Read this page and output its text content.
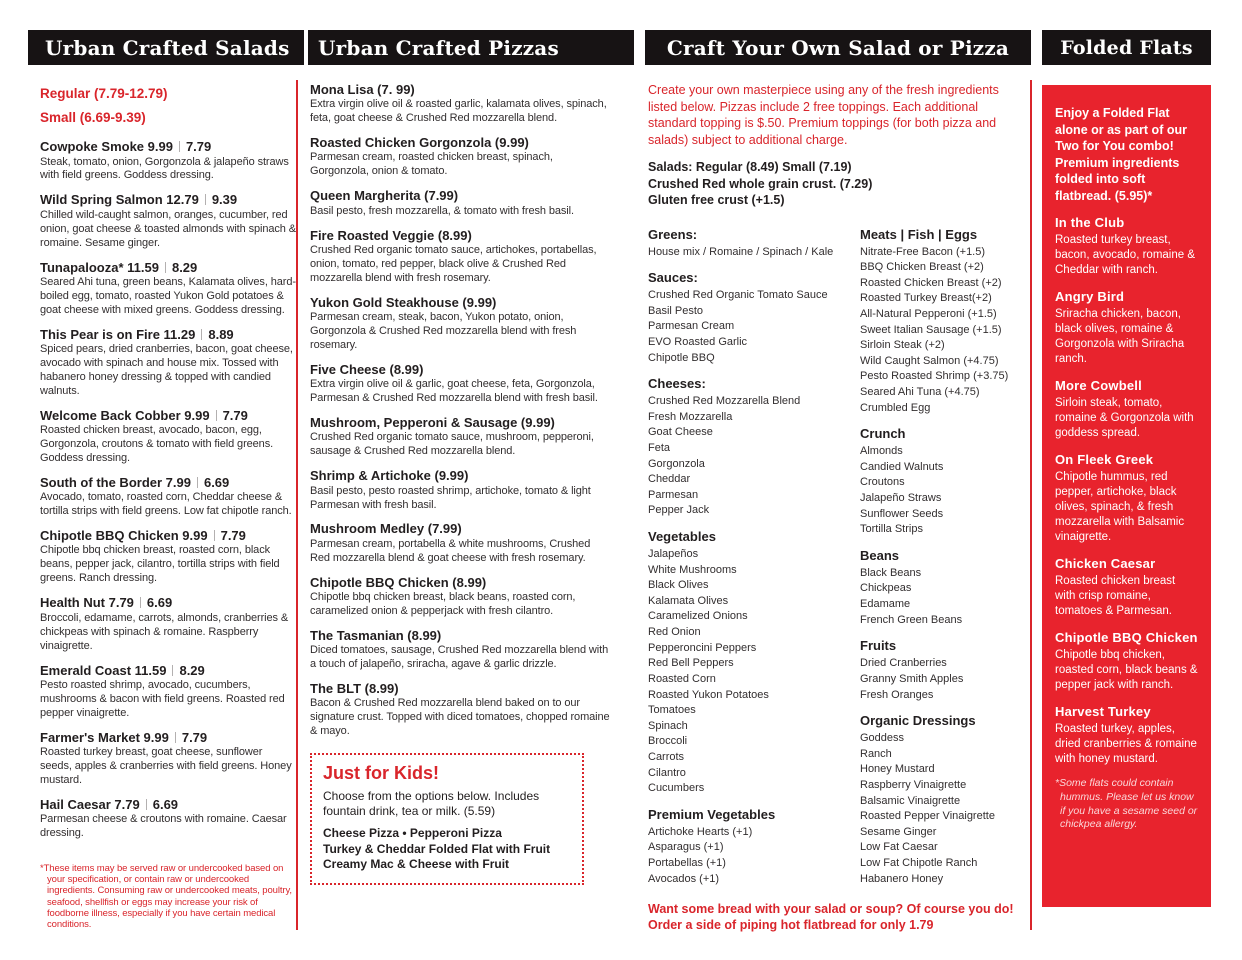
Urban Crafted Salads	Urban Crafted Pizzas	Craft Your Own Salad or Pizza	Folded Flats
Regular (7.79-12.79)
Small (6.69-9.39)
Cowpoke Smoke 9.99 7.79
Steak, tomato, onion, Gorgonzola & jalapeño straws with field greens. Goddess dressing.
Wild Spring Salmon 12.79 9.39
Chilled wild-caught salmon, oranges, cucumber, red onion, goat cheese & toasted almonds with spinach & romaine. Sesame ginger.
Tunapalooza* 11.59 8.29
Seared Ahi tuna, green beans, Kalamata olives, hard-boiled egg, tomato, roasted Yukon Gold potatoes & goat cheese with mixed greens. Goddess dressing.
This Pear is on Fire 11.29 8.89
Spiced pears, dried cranberries, bacon, goat cheese, avocado with spinach and house mix. Tossed with habanero honey dressing & topped with candied walnuts.
Welcome Back Cobber 9.99 7.79
Roasted chicken breast, avocado, bacon, egg, Gorgonzola, croutons & tomato with field greens. Goddess dressing.
South of the Border 7.99 6.69
Avocado, tomato, roasted corn, Cheddar cheese & tortilla strips with field greens. Low fat chipotle ranch.
Chipotle BBQ Chicken 9.99 7.79
Chipotle bbq chicken breast, roasted corn, black beans, pepper jack, cilantro, tortilla strips with field greens. Ranch dressing.
Health Nut 7.79 6.69
Broccoli, edamame, carrots, almonds, cranberries & chickpeas with spinach & romaine. Raspberry vinaigrette.
Emerald Coast 11.59 8.29
Pesto roasted shrimp, avocado, cucumbers, mushrooms & bacon with field greens. Roasted red pepper vinaigrette.
Farmer's Market 9.99 7.79
Roasted turkey breast, goat cheese, sunflower seeds, apples & cranberries with field greens. Honey mustard.
Hail Caesar 7.79 6.69
Parmesan cheese & croutons with romaine. Caesar dressing.
*These items may be served raw or undercooked based on your specification, or contain raw or undercooked ingredients. Consuming raw or undercooked meats, poultry, seafood, shellfish or eggs may increase your risk of foodborne illness, especially if you have certain medical conditions.
Mona Lisa (7. 99)
Extra virgin olive oil & roasted garlic, kalamata olives, spinach, feta, goat cheese & Crushed Red mozzarella blend.
Roasted Chicken Gorgonzola (9.99)
Parmesan cream, roasted chicken breast, spinach, Gorgonzola, onion & tomato.
Queen Margherita (7.99)
Basil pesto, fresh mozzarella, & tomato with fresh basil.
Fire Roasted Veggie (8.99)
Crushed Red organic tomato sauce, artichokes, portabellas, onion, tomato, red pepper, black olive & Crushed Red mozzarella blend with fresh rosemary.
Yukon Gold Steakhouse (9.99)
Parmesan cream, steak, bacon, Yukon potato, onion, Gorgonzola & Crushed Red mozzarella blend with fresh rosemary.
Five Cheese (8.99)
Extra virgin olive oil & garlic, goat cheese, feta, Gorgonzola, Parmesan & Crushed Red mozzarella blend with fresh basil.
Mushroom, Pepperoni & Sausage (9.99)
Crushed Red organic tomato sauce, mushroom, pepperoni, sausage & Crushed Red mozzarella blend.
Shrimp & Artichoke (9.99)
Basil pesto, pesto roasted shrimp, artichoke, tomato & light Parmesan with fresh basil.
Mushroom Medley (7.99)
Parmesan cream, portabella & white mushrooms, Crushed Red mozzarella blend & goat cheese with fresh rosemary.
Chipotle BBQ Chicken (8.99)
Chipotle bbq chicken breast, black beans, roasted corn, caramelized onion & pepperjack with fresh cilantro.
The Tasmanian (8.99)
Diced tomatoes, sausage, Crushed Red mozzarella blend with a touch of jalapeño, sriracha, agave & garlic drizzle.
The BLT (8.99)
Bacon & Crushed Red mozzarella blend baked on to our signature crust. Topped with diced tomatoes, chopped romaine & mayo.
Just for Kids!
Choose from the options below. Includes fountain drink, tea or milk. (5.59)
Cheese Pizza • Pepperoni Pizza
Turkey & Cheddar Folded Flat with Fruit
Creamy Mac & Cheese with Fruit
Create your own masterpiece using any of the fresh ingredients listed below. Pizzas include 2 free toppings. Each additional standard topping is $.50. Premium toppings (for both pizza and salads) subject to additional charge.
Salads: Regular (8.49) Small (7.19)
Crushed Red whole grain crust. (7.29)
Gluten free crust (+1.5)
Greens:
House mix / Romaine / Spinach / Kale
Sauces:
Crushed Red Organic Tomato Sauce
Basil Pesto
Parmesan Cream
EVO Roasted Garlic
Chipotle BBQ
Cheeses:
Crushed Red Mozzarella Blend
Fresh Mozzarella
Goat Cheese
Feta
Gorgonzola
Cheddar
Parmesan
Pepper Jack
Vegetables
Jalapeños
White Mushrooms
Black Olives
Kalamata Olives
Caramelized Onions
Red Onion
Pepperoncini Peppers
Red Bell Peppers
Roasted Corn
Roasted Yukon Potatoes
Tomatoes
Spinach
Broccoli
Carrots
Cilantro
Cucumbers
Premium Vegetables
Artichoke Hearts (+1)
Asparagus (+1)
Portabellas (+1)
Avocados (+1)
Meats | Fish | Eggs
Nitrate-Free Bacon (+1.5)
BBQ Chicken Breast (+2)
Roasted Chicken Breast (+2)
Roasted Turkey Breast(+2)
All-Natural Pepperoni (+1.5)
Sweet Italian Sausage (+1.5)
Sirloin Steak (+2)
Wild Caught Salmon (+4.75)
Pesto Roasted Shrimp (+3.75)
Seared Ahi Tuna (+4.75)
Crumbled Egg
Crunch
Almonds
Candied Walnuts
Croutons
Jalapeño Straws
Sunflower Seeds
Tortilla Strips
Beans
Black Beans
Chickpeas
Edamame
French Green Beans
Fruits
Dried Cranberries
Granny Smith Apples
Fresh Oranges
Organic Dressings
Goddess
Ranch
Honey Mustard
Raspberry Vinaigrette
Balsamic Vinaigrette
Roasted Pepper Vinaigrette
Sesame Ginger
Low Fat Caesar
Low Fat Chipotle Ranch
Habanero Honey
Want some bread with your salad or soup? Of course you do! Order a side of piping hot flatbread for only 1.79
Enjoy a Folded Flat alone or as part of our Two for You combo! Premium ingredients folded into soft flatbread. (5.95)*
In the Club
Roasted turkey breast, bacon, avocado, romaine & Cheddar with ranch.
Angry Bird
Sriracha chicken, bacon, black olives, romaine & Gorgonzola with Sriracha ranch.
More Cowbell
Sirloin steak, tomato, romaine & Gorgonzola with goddess spread.
On Fleek Greek
Chipotle hummus, red pepper, artichoke, black olives, spinach, & fresh mozzarella with Balsamic vinaigrette.
Chicken Caesar
Roasted chicken breast with crisp romaine, tomatoes & Parmesan.
Chipotle BBQ Chicken
Chipotle bbq chicken, roasted corn, black beans & pepper jack with ranch.
Harvest Turkey
Roasted turkey, apples, dried cranberries & romaine with honey mustard.
*Some flats could contain hummus. Please let us know if you have a sesame seed or chickpea allergy.
